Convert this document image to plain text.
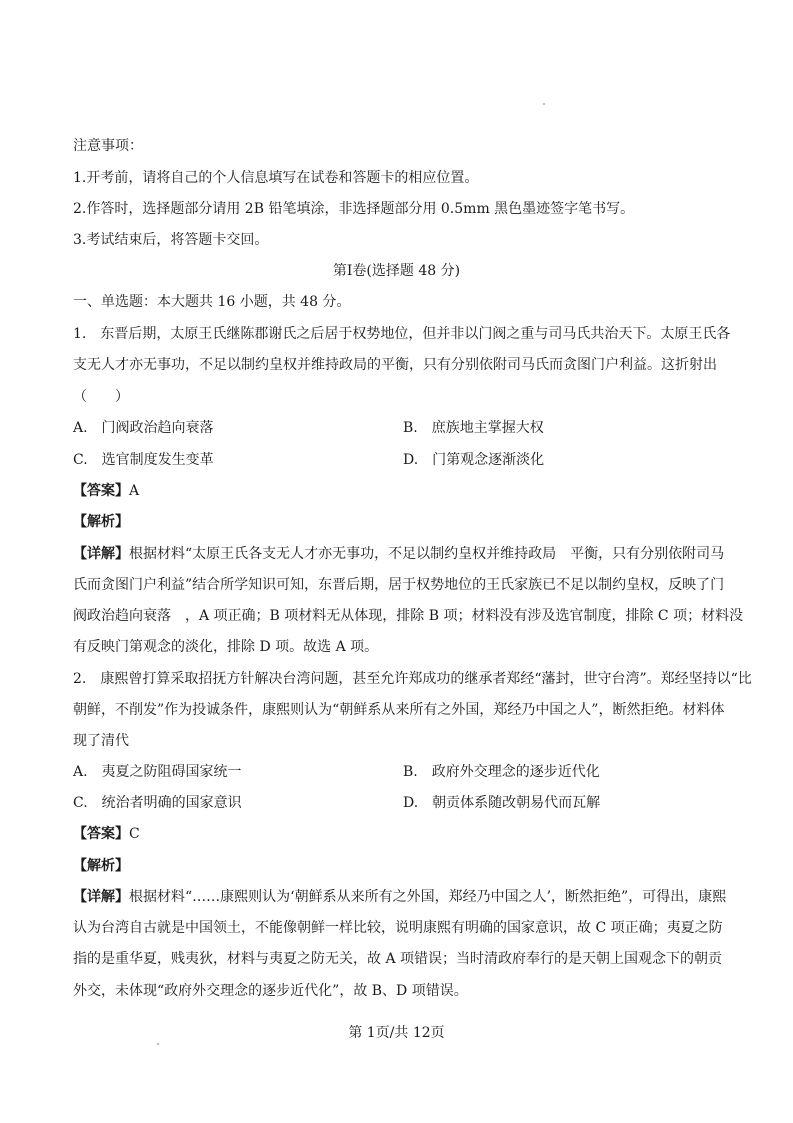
注意事项：
1.开考前，请将自己的个人信息填写在试卷和答题卡的相应位置。
2.作答时，选择题部分请用 2B 铅笔填涂，非选择题部分用 0.5mm 黑色墨迹签字笔书写。
3.考试结束后，将答题卡交回。
第Ⅰ卷(选择题 48 分)
一、单选题：本大题共 16 小题，共 48 分。
1.　东晋后期，太原王氏继陈郡谢氏之后居于权势地位，但并非以门阀之重与司马氏共治天下。太原王氏各
支无人才亦无事功，不足以制约皇权并维持政局的平衡，只有分别依附司马氏而贪图门户利益。这折射出
（　　）
A.　门阀政治趋向衰落	B.　庶族地主掌握大权
C.　选官制度发生变革	D.　门第观念逐渐淡化
【答案】A
【解析】
【详解】根据材料“太原王氏各支无人才亦无事功，不足以制约皇权并维持政局　平衡，只有分别依附司马
氏而贪图门户利益”结合所学知识可知，东晋后期，居于权势地位的王氏家族已不足以制约皇权，反映了门
阀政治趋向衰落　，A 项正确；B 项材料无从体现，排除 B 项；材料没有涉及选官制度，排除 C 项；材料没
有反映门第观念的淡化，排除 D 项。故选 A 项。
2.　康熙曾打算采取招抚方针解决台湾问题，甚至允许郑成功的继承者郑经“藩封，世守台湾”。郑经坚持以“比
朝鲜，不削发”作为投诚条件，康熙则认为“朝鲜系从来所有之外国，郑经乃中国之人”，断然拒绝。材料体
现了清代
A.　夷夏之防阻碍国家统一	B.　政府外交理念的逐步近代化
C.　统治者明确的国家意识	D.　朝贡体系随改朝易代而瓦解
【答案】C
【解析】
【详解】根据材料“……康熙则认为‘朝鲜系从来所有之外国，郑经乃中国之人’，断然拒绝”，可得出，康熙
认为台湾自古就是中国领土，不能像朝鲜一样比较，说明康熙有明确的国家意识，故 C 项正确；夷夏之防
指的是重华夏，贱夷狄，材料与夷夏之防无关，故 A 项错误；当时清政府奉行的是天朝上国观念下的朝贡
外交，未体现“政府外交理念的逐步近代化”，故 B、D 项错误。
第 1页/共 12页
